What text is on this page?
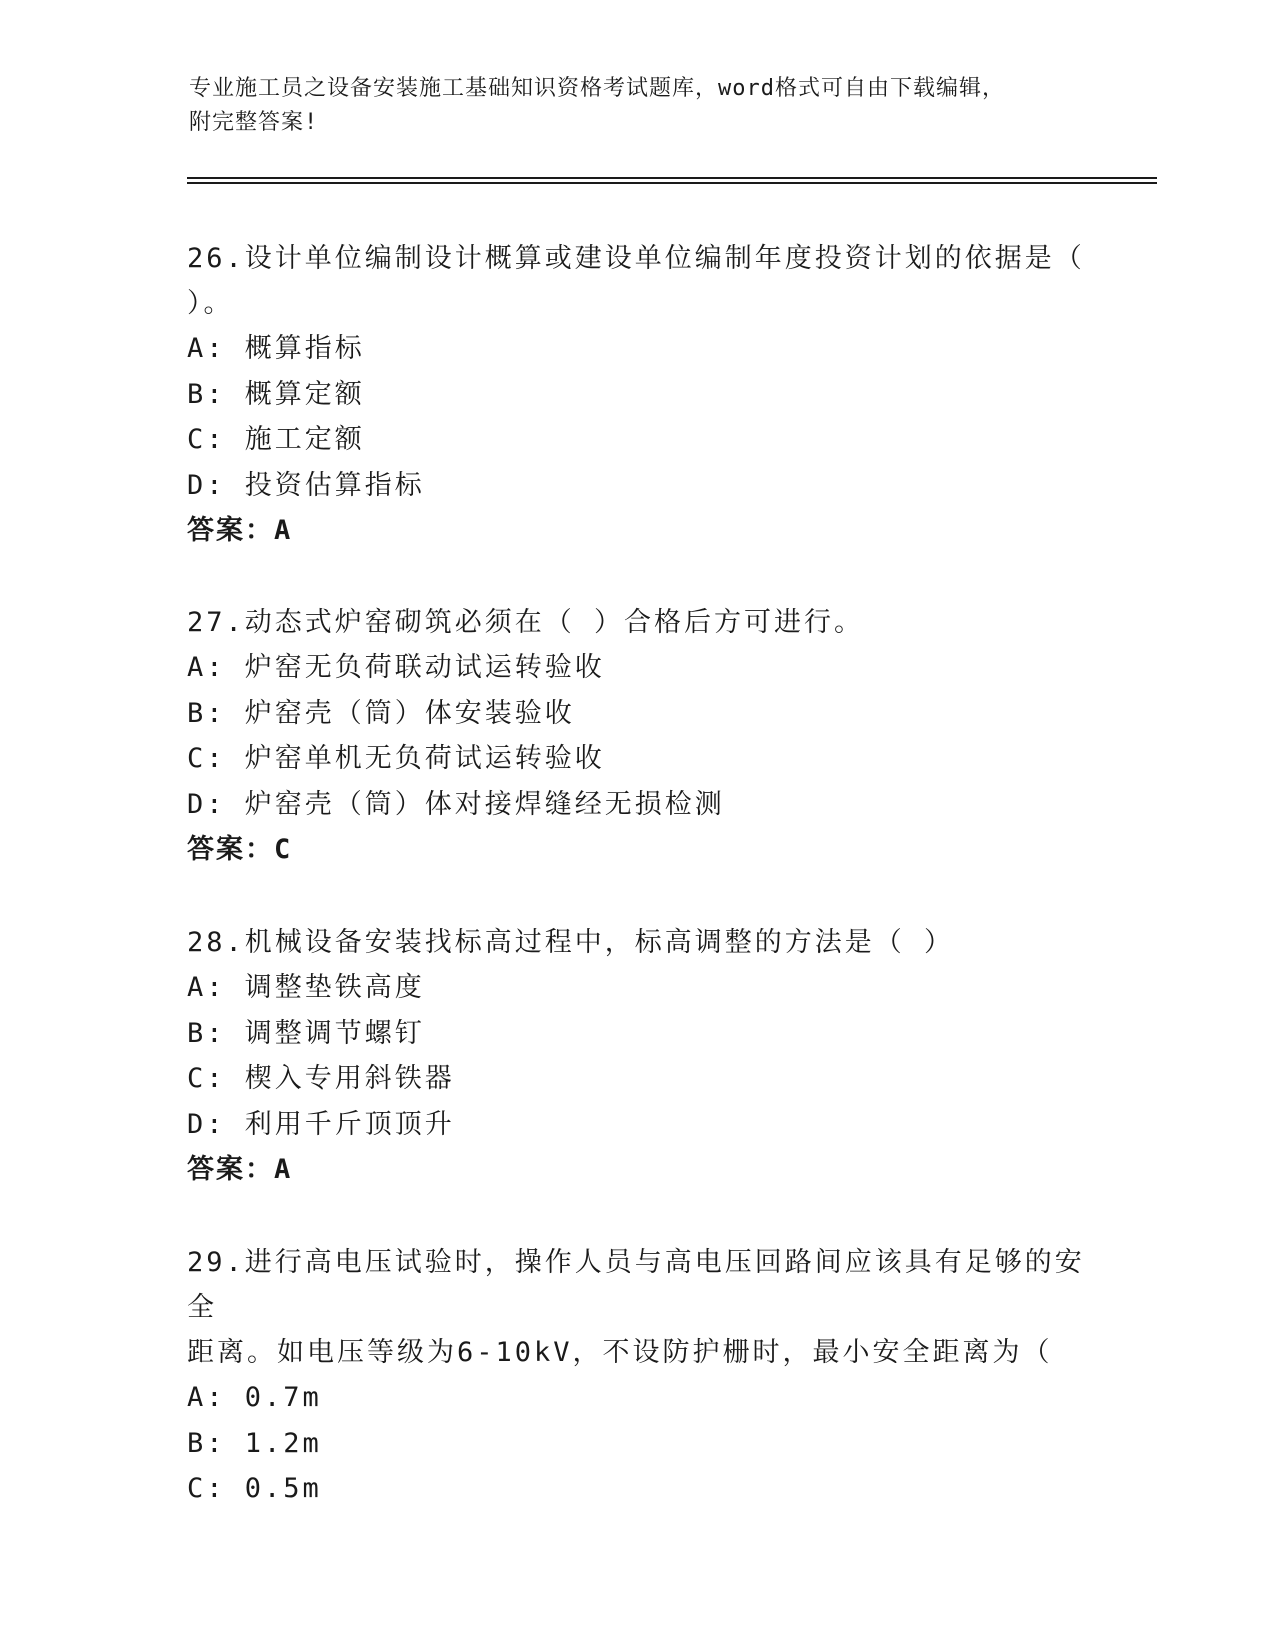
专业施工员之设备安装施工基础知识资格考试题库，word格式可自由下载编辑，
附完整答案!
26.设计单位编制设计概算或建设单位编制年度投资计划的依据是（
）。
A: 概算指标
B: 概算定额
C: 施工定额
D: 投资估算指标
答案：A
27.动态式炉窑砌筑必须在（ ）合格后方可进行。
A: 炉窑无负荷联动试运转验收
B: 炉窑壳（筒）体安装验收
C: 炉窑单机无负荷试运转验收
D: 炉窑壳（筒）体对接焊缝经无损检测
答案：C
28.机械设备安装找标高过程中，标高调整的方法是（ ）
A: 调整垫铁高度
B: 调整调节螺钉
C: 楔入专用斜铁器
D: 利用千斤顶顶升
答案：A
29.进行高电压试验时，操作人员与高电压回路间应该具有足够的安全
距离。如电压等级为6-10kV，不设防护栅时，最小安全距离为（
A: 0.7m
B: 1.2m
C: 0.5m
